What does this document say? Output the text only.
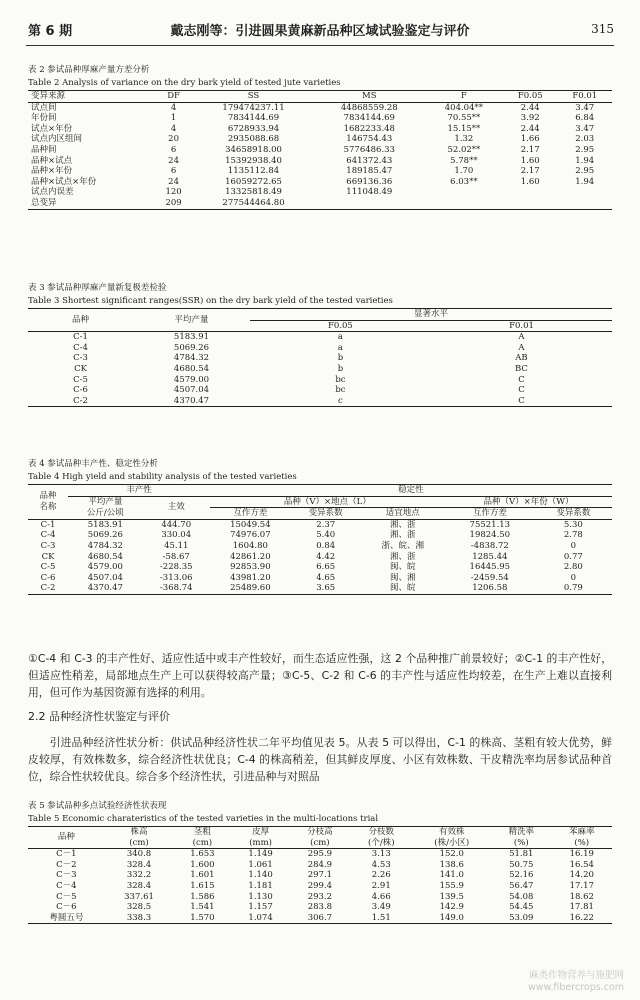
第 6 期	戴志刚等：引进圆果黄麻新品种区域试验鉴定与评价	315

表 2 参试品种厚麻产量方差分析

Table 2 Analysis of variance on the dry bark yield of tested jute varieties

变异来源	DF	SS	MS	F	F0.05	F0.01
试点间	4	179474237.11	44868559.28	404.04**	2.44	3.47
年份间	1	7834144.69	7834144.69	70.55**	3.92	6.84
试点×年份	4	6728933.94	1682233.48	15.15**	2.44	3.47
试点内区组间	20	2935088.68	146754.43	1.32	1.66	2.03
品种间	6	34658918.00	5776486.33	52.02**	2.17	2.95
品种×试点	24	15392938.40	641372.43	5.78**	1.60	1.94
品种×年份	6	1135112.84	189185.47	1.70	2.17	2.95
品种×试点×年份	24	16059272.65	669136.36	6.03**	1.60	1.94
试点内误差	120	13325818.49	111048.49			
总变异	209	277544464.80				

表 3 参试品种厚麻产量新复极差检验

Table 3 Shortest significant ranges(SSR) on the dry bark yield of the tested varieties

品种	平均产量	显著水平	
		F0.05	F0.01
C-1	5183.91	a	A
C-4	5069.26	a	A
C-3	4784.32	b	AB
CK	4680.54	b	BC
C-5	4579.00	bc	C
C-6	4507.04	bc	C
C-2	4370.47	c	C

表 4 参试品种丰产性、稳定性分析

Table 4 High yield and stability analysis of the tested varieties

品种
名称	丰产性		稳定性				

	平均产量
公斤/公顷	主效	品种（V）×地点（L）			品种（V）×年份（W）	
			互作方差	变异系数	适宜地点	互作方差	变异系数
C-1	5183.91	444.70	15049.54	2.37	湘、浙	75521.13	5.30
C-4	5069.26	330.04	74976.07	5.40	湘、浙	19824.50	2.78
C-3	4784.32	45.11	1604.80	0.84	浙、皖、湘	-4838.72	0
CK	4680.54	-58.67	42861.20	4.42	湘、浙	1285.44	0.77
C-5	4579.00	-228.35	92853.90	6.65	闽、皖	16445.95	2.80
C-6	4507.04	-313.06	43981.20	4.65	闽、湘	-2459.54	0
C-2	4370.47	-368.74	25489.60	3.65	闽、皖	1206.58	0.79
①C-4 和 C-3 的丰产性好、适应性适中或丰产性较好，而生态适应性强，这 2 个品种推广前景较好；②C-1 的丰产性好，但适应性稍差，局部地点生产上可以获得较高产量；③C-5、C-2 和 C-6 的丰产性与适应性均较差，在生产上难以直接利用，但可作为基因资源有选择的利用。
2.2 品种经济性状鉴定与评价
引进品种经济性状分析：供试品种经济性状二年平均值见表 5。从表 5 可以得出，C-1 的株高、茎粗有较大优势，鲜皮较厚，有效株数多，综合经济性状优良；C-4 的株高稍差，但其鲜皮厚度、小区有效株数、干皮精洗率均居参试品种首位，综合性状较优良。综合多个经济性状，引进品种与对照品

表 5 参试品种多点试验经济性状表现

Table 5 Economic charateristics of the tested varieties in the multi-locations trial

品种	株高	茎粗	皮厚	分枝高	分枝数	有效株	精洗率	苯麻率
	(cm)	(cm)	(mm)	(cm)	(个/株)	(株/小区)	(%)	(%)
C－1	340.8	1.653	1.149	295.9	3.13	152.0	51.81	16.19
C－2	328.4	1.600	1.061	284.9	4.53	138.6	50.75	16.54
C－3	332.2	1.601	1.140	297.1	2.26	141.0	52.16	14.20
C－4	328.4	1.615	1.181	299.4	2.91	155.9	56.47	17.17
C－5	337.61	1.586	1.130	293.2	4.66	139.5	54.08	18.62
C－6	328.5	1.541	1.157	283.8	3.49	142.9	54.45	17.81
粤圆五号	338.3	1.570	1.074	306.7	1.51	149.0	53.09	16.22
麻类作物营养与施肥网
www.fibercrops.com
